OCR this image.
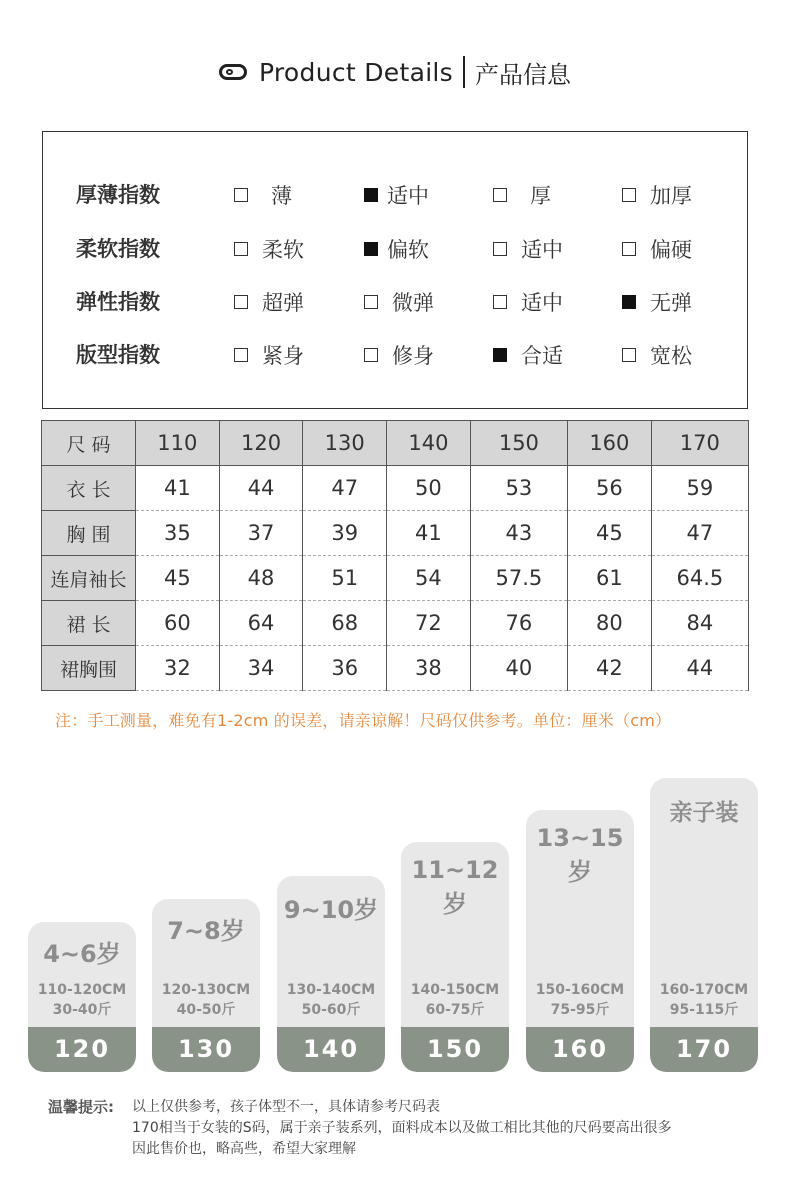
Product Details 产品信息
厚薄指数	薄	适中	厚	加厚
柔软指数	柔软	偏软	适中	偏硬
弹性指数	超弹	微弹	适中	无弹
版型指数	紧身	修身	合适	宽松
尺 码	110	120	130	140	150	160	170
衣 长	41	44	47	50	53	56	59
胸 围	35	37	39	41	43	45	47
连肩袖长	45	48	51	54	57.5	61	64.5
裙 长	60	64	68	72	76	80	84
裙胸围	32	34	36	38	40	42	44
注：手工测量，难免有1-2cm 的误差，请亲谅解！尺码仅供参考。单位：厘米（cm）
4~6岁
110-120CM
30-40斤
120
7~8岁
120-130CM
40-50斤
130
9~10岁
130-140CM
50-60斤
140
11~12岁
140-150CM
60-75斤
150
13~15岁
150-160CM
75-95斤
160
亲子装
160-170CM
95-115斤
170
温馨提示: 以上仅供参考，孩子体型不一，具体请参考尺码表
170相当于女装的S码，属于亲子装系列，面料成本以及做工相比其他的尺码要高出很多
因此售价也，略高些，希望大家理解
